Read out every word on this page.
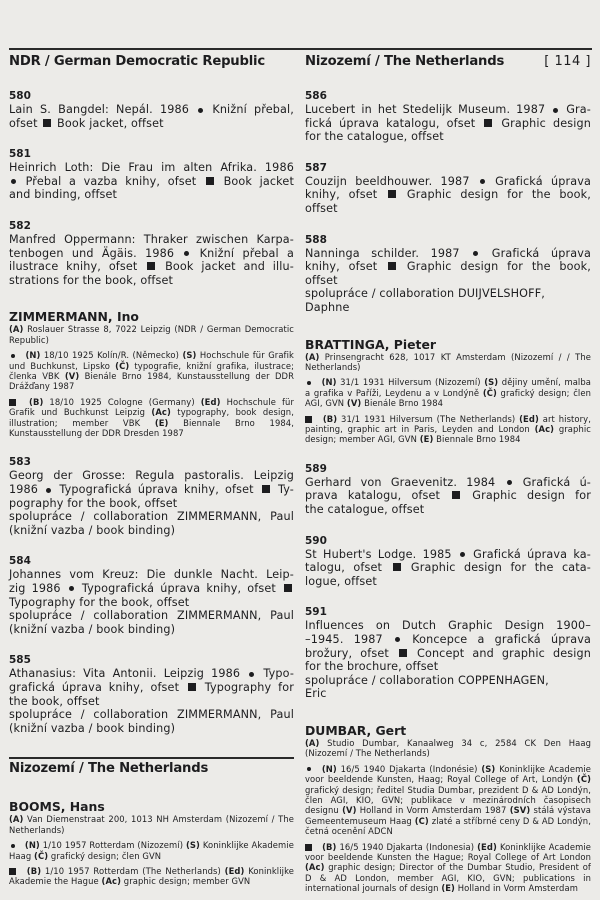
NDR / German Democratic Republic
580
Lain S. Bangdel: Nepál. 1986  Knižní přebal,
ofset  Book jacket, offset
581
Heinrich Loth: Die Frau im alten Afrika. 1986
Přebal a vazba knihy, ofset  Book jacket
and binding, offset
582
Manfred Oppermann: Thraker zwischen Karpa-
tenbogen und Ägäis. 1986  Knižní přebal a
ilustrace knihy, ofset  Book jacket and illu-
strations for the book, offset
ZIMMERMANN, Ino
(A) Roslauer Strasse 8, 7022 Leipzig (NDR / German Democratic Republic)
(N) 18/10 1925 Kolín/R. (Německo) (S) Hochschule für Grafik und Buchkunst, Lipsko (Č) typografie, knižní grafika, ilustrace; členka VBK (V) Bienále Brno 1984, Kunstausstellung der DDR Drážďany 1987
(B) 18/10 1925 Cologne (Germany) (Ed) Hochschule für Grafik und Buchkunst Leipzig (Ac) typography, book design, illustration; member VBK (E) Biennale Brno 1984, Kunstausstellung der DDR Dresden 1987
583
Georg der Grosse: Regula pastoralis. Leipzig
1986  Typografická úprava knihy, ofset  Ty-
pography for the book, offset
spolupráce / collaboration ZIMMERMANN, Paul
(knižní vazba / book binding)
584
Johannes vom Kreuz: Die dunkle Nacht. Leip-
zig 1986  Typografická úprava knihy, ofset
Typography for the book, offset
spolupráce / collaboration ZIMMERMANN, Paul
(knižní vazba / book binding)
585
Athanasius: Vita Antonii. Leipzig 1986  Typo-
grafická úprava knihy, ofset  Typography for
the book, offset
spolupráce / collaboration ZIMMERMANN, Paul
(knižní vazba / book binding)
Nizozemí / The Netherlands
BOOMS, Hans
(A) Van Diemenstraat 200, 1013 NH Amsterdam (Nizozemí / The Netherlands)
(N) 1/10 1957 Rotterdam (Nizozemí) (S) Koninklijke Akademie Haag (Č) grafický design; člen GVN
(B) 1/10 1957 Rotterdam (The Netherlands) (Ed) Koninklijke Akademie the Hague (Ac) graphic design; member GVN
Nizozemí / The Netherlands	[ 114 ]
586
Lucebert in het Stedelijk Museum. 1987  Gra-
fická úprava katalogu, ofset  Graphic design
for the catalogue, offset
587
Couzijn beeldhouwer. 1987  Grafická úprava
knihy, ofset  Graphic design for the book,
offset
588
Nanninga schilder. 1987  Grafická úprava
knihy, ofset  Graphic design for the book,
offset
spolupráce / collaboration DUIJVELSHOFF,
Daphne
BRATTINGA, Pieter
(A) Prinsengracht 628, 1017 KT Amsterdam (Nizozemí / / The Netherlands)
(N) 31/1 1931 Hilversum (Nizozemí) (S) dějiny umění, malba a grafika v Paříži, Leydenu a v Londýně (Č) grafický design; člen AGI, GVN (V) Bienále Brno 1984
(B) 31/1 1931 Hilversum (The Netherlands) (Ed) art history, painting, graphic art in Paris, Leyden and London (Ac) graphic design; member AGI, GVN (E) Biennale Brno 1984
589
Gerhard von Graevenitz. 1984  Grafická ú-
prava katalogu, ofset  Graphic design for
the catalogue, offset
590
St Hubert's Lodge. 1985  Grafická úprava ka-
talogu, ofset  Graphic design for the cata-
logue, offset
591
Influences on Dutch Graphic Design 1900–
–1945. 1987  Koncepce a grafická úprava
brožury, ofset  Concept and graphic design
for the brochure, offset
spolupráce / collaboration COPPENHAGEN,
Eric
DUMBAR, Gert
(A) Studio Dumbar, Kanaalweg 34 c, 2584 CK Den Haag (Nizozemí / The Netherlands)
(N) 16/5 1940 Djakarta (Indonésie) (S) Koninklijke Academie voor beeldende Kunsten, Haag; Royal College of Art, Londýn (Č) grafický design; ředitel Studia Dumbar, prezident D & AD Londýn, člen AGI, KIO, GVN; publikace v mezinárodních časopisech designu (V) Holland in Vorm Amsterdam 1987 (SV) stálá výstava Gemeentemuseum Haag (C) zlaté a stříbrné ceny D & AD Londýn, četná ocenění ADCN
(B) 16/5 1940 Djakarta (Indonesia) (Ed) Koninklijke Academie voor beeldende Kunsten the Hague; Royal College of Art London (Ac) graphic design; Director of the Dumbar Studio, President of D & AD London, member AGI, KIO, GVN; publications in international journals of design (E) Holland in Vorm Amsterdam
